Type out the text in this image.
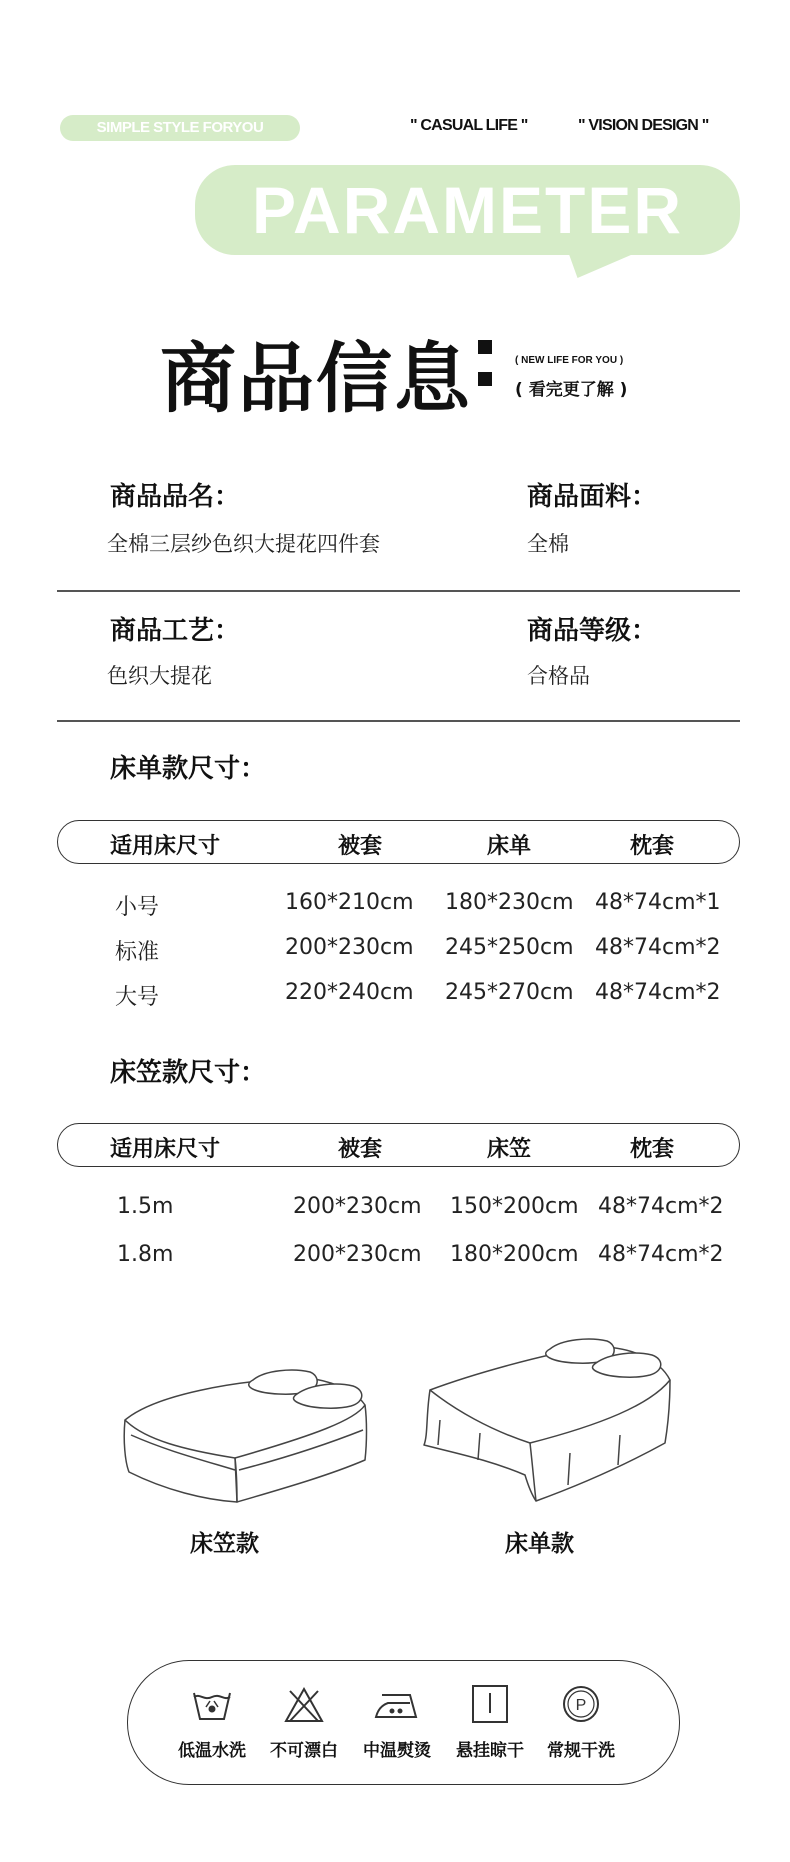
SIMPLE STYLE FORYOU	" CASUAL LIFE "	" VISION DESIGN "
PARAMETER
商品信息	( NEW LIFE FOR YOU )
( 看完更了解 )
商品品名：
全棉三层纱色织大提花四件套
商品面料：
全棉
商品工艺：
色织大提花
商品等级：
合格品
床单款尺寸：
适用床尺寸	被套	床单	枕套
小号	160*210cm 180*230cm 48*74cm*1
标准	200*230cm 245*250cm 48*74cm*2
大号	220*240cm 245*270cm 48*74cm*2
床笠款尺寸：
适用床尺寸	被套	床笠	枕套
1.5m	200*230cm 150*200cm 48*74cm*2
1.8m	200*230cm 180*200cm 48*74cm*2
床笠款	床单款
P
低温水洗	不可漂白	中温熨烫	悬挂晾干	常规干洗
